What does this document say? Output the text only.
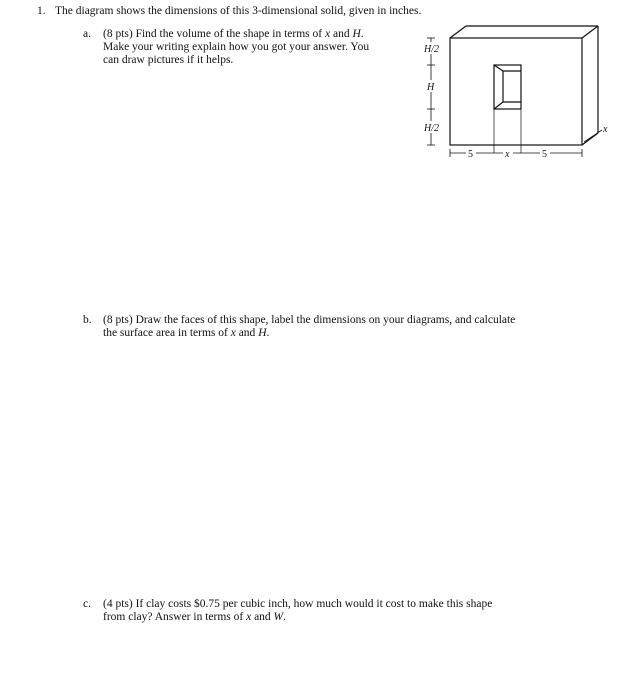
1. The diagram shows the dimensions of this 3-dimensional solid, given in inches.
a. (8 pts) Find the volume of the shape in terms of x and H.
Make your writing explain how you got your answer. You
can draw pictures if it helps.
H/2
H
H/2
5	x	5
x
b. (8 pts) Draw the faces of this shape, label the dimensions on your diagrams, and calculate
the surface area in terms of x and H.
c. (4 pts) If clay costs $0.75 per cubic inch, how much would it cost to make this shape
from clay? Answer in terms of x and W.
